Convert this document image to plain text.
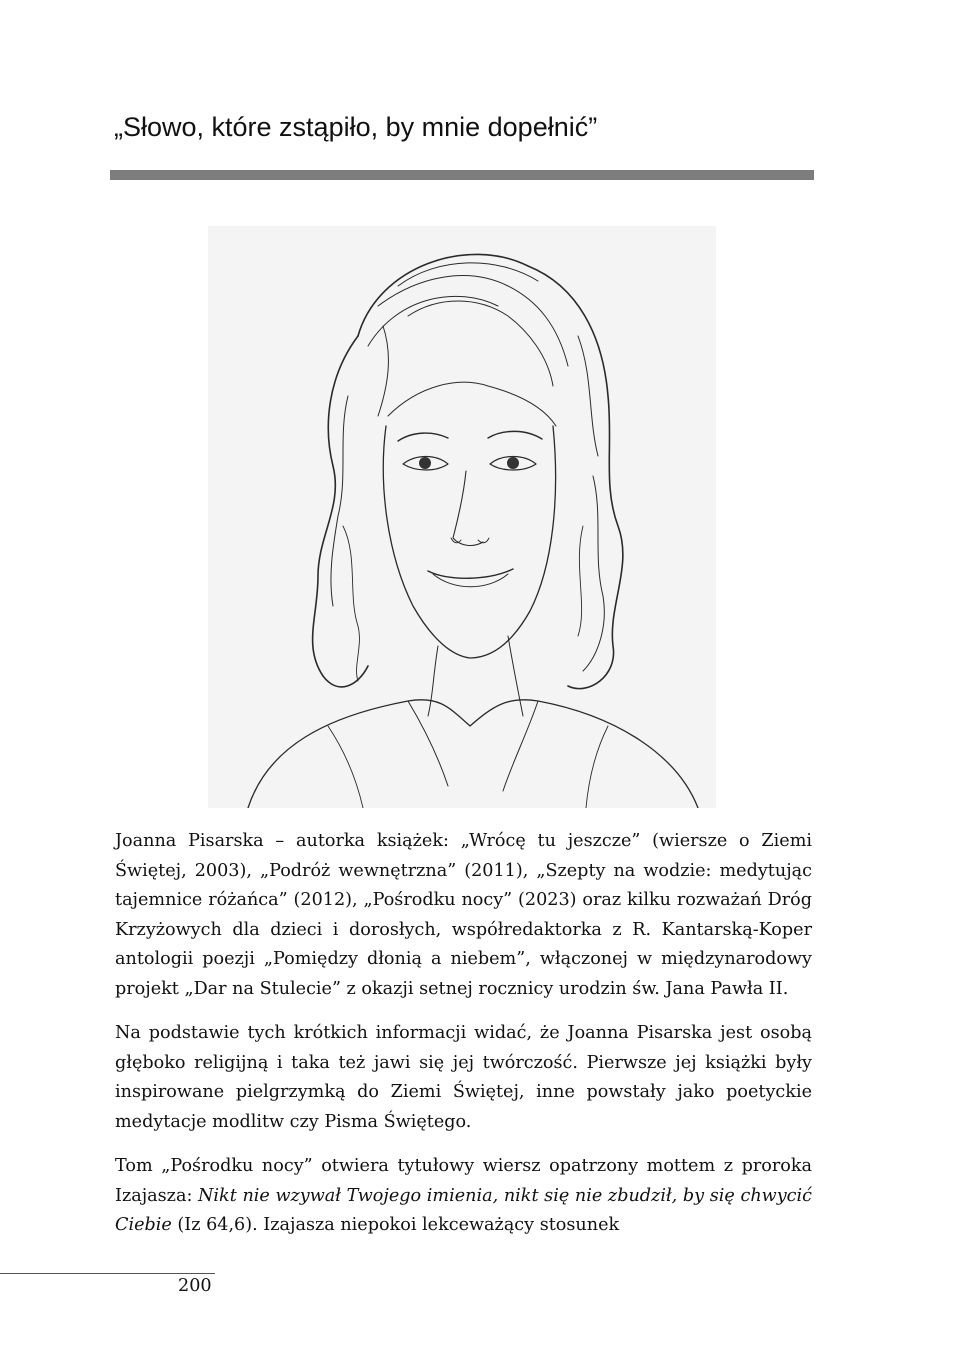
„Słowo, które zstąpiło, by mnie dopełnić”

Joanna Pisarska – autorka książek: „Wrócę tu jeszcze” (wiersze o Ziemi Świętej, 2003), „Podróż wewnętrzna” (2011), „Szepty na wodzie: medytując tajemnice różańca” (2012), „Pośrodku nocy” (2023) oraz kilku rozważań Dróg Krzyżowych dla dzieci i dorosłych, współredaktorka z R. Kantarską-Koper antologii poezji „Pomiędzy dłonią a niebem”, włączonej w międzynarodowy projekt „Dar na Stulecie” z okazji setnej rocznicy urodzin św. Jana Pawła II.

Na podstawie tych krótkich informacji widać, że Joanna Pisarska jest osobą głęboko religijną i taka też jawi się jej twórczość. Pierwsze jej książki były inspirowane pielgrzymką do Ziemi Świętej, inne powstały jako poetyckie medytacje modlitw czy Pisma Świętego.

Tom „Pośrodku nocy” otwiera tytułowy wiersz opatrzony mottem z proroka Izajasza: Nikt nie wzywał Twojego imienia, nikt się nie zbudził, by się chwycić Ciebie (Iz 64,6). Izajasza niepokoi lekceważący stosunek

200
